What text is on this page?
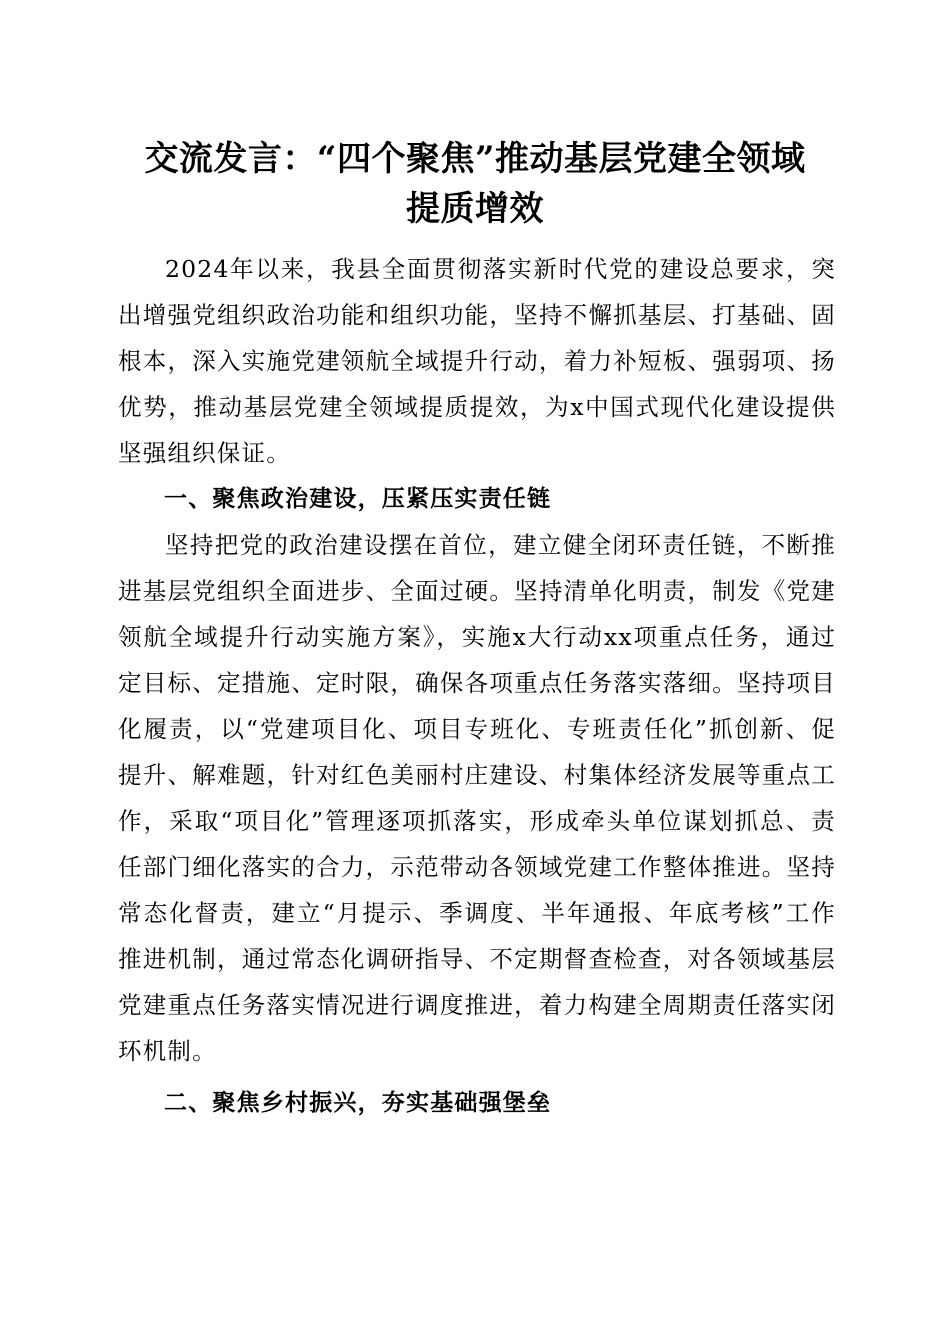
交流发言：“四个聚焦”推动基层党建全领域
提质增效

2024年以来，我县全面贯彻落实新时代党的建设总要求，突出增强党组织政治功能和组织功能，坚持不懈抓基层、打基础、固根本，深入实施党建领航全域提升行动，着力补短板、强弱项、扬优势，推动基层党建全领域提质提效，为x中国式现代化建设提供坚强组织保证。

一、聚焦政治建设，压紧压实责任链

坚持把党的政治建设摆在首位，建立健全闭环责任链，不断推进基层党组织全面进步、全面过硬。坚持清单化明责，制发《党建领航全域提升行动实施方案》，实施x大行动xx项重点任务，通过定目标、定措施、定时限，确保各项重点任务落实落细。坚持项目化履责，以“党建项目化、项目专班化、专班责任化”抓创新、促提升、解难题，针对红色美丽村庄建设、村集体经济发展等重点工作，采取“项目化”管理逐项抓落实，形成牵头单位谋划抓总、责任部门细化落实的合力，示范带动各领域党建工作整体推进。坚持常态化督责，建立“月提示、季调度、半年通报、年底考核”工作推进机制，通过常态化调研指导、不定期督查检查，对各领域基层党建重点任务落实情况进行调度推进，着力构建全周期责任落实闭环机制。

二、聚焦乡村振兴，夯实基础强堡垒
